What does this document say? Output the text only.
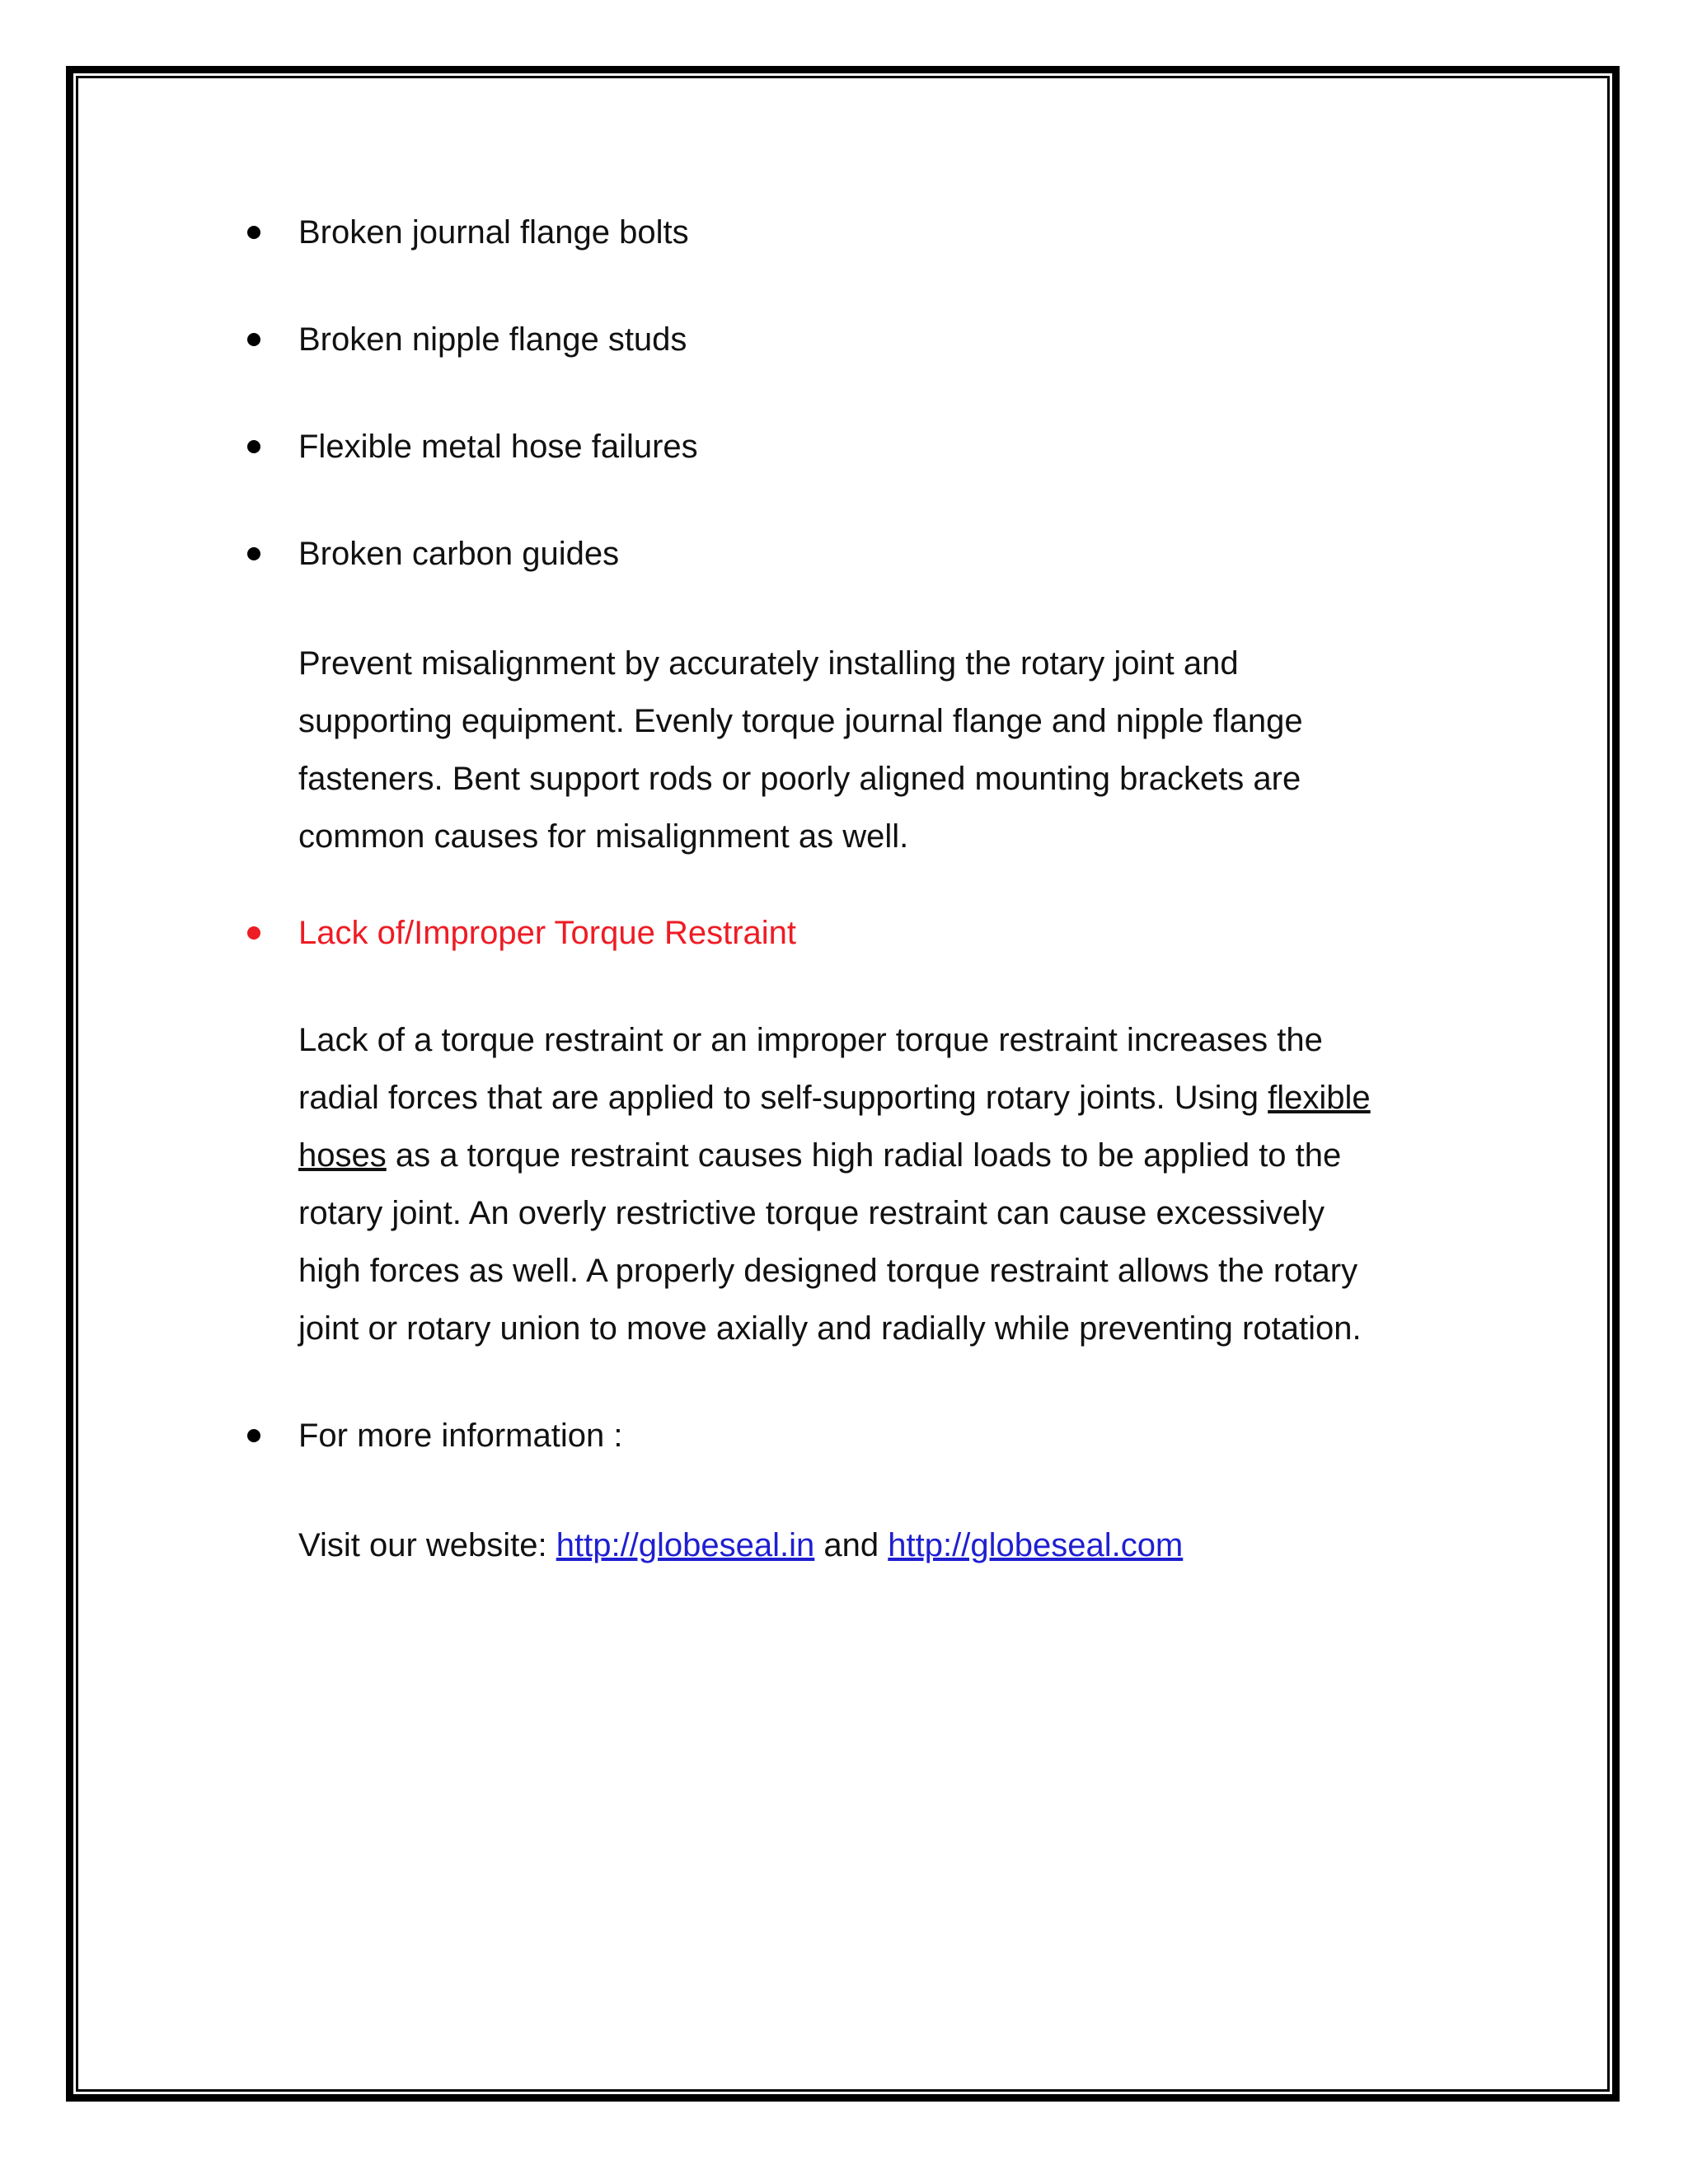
Broken journal flange bolts
Broken nipple flange studs
Flexible metal hose failures
Broken carbon guides
Prevent misalignment by accurately installing the rotary joint and
supporting equipment. Evenly torque journal flange and nipple flange
fasteners. Bent support rods or poorly aligned mounting brackets are
common causes for misalignment as well.
Lack of/Improper Torque Restraint
Lack of a torque restraint or an improper torque restraint increases the
radial forces that are applied to self-supporting rotary joints. Using flexible
hoses as a torque restraint causes high radial loads to be applied to the
rotary joint. An overly restrictive torque restraint can cause excessively
high forces as well. A properly designed torque restraint allows the rotary
joint or rotary union to move axially and radially while preventing rotation.
For more information :
Visit our website: http://globeseal.in and http://globeseal.com
